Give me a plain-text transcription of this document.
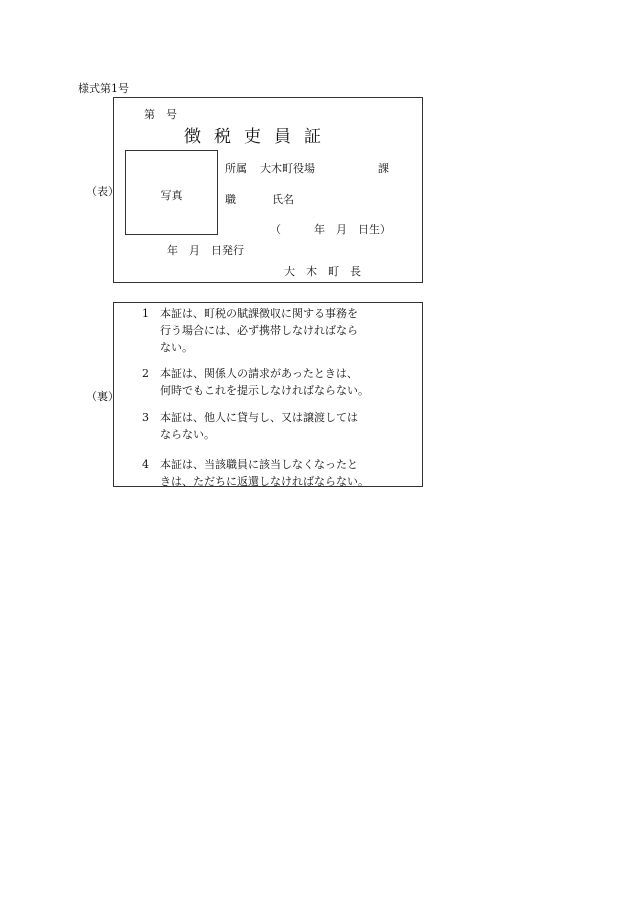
様式第1号
（表）
第　号
徴税吏員証
写真
所属 大木町役場	課
職	氏名
（　　　年　月　日生）
年　月　日発行
大　木　町　長
（裏）
1 本証は、町税の賦課徴収に関する事務を
行う場合には、必ず携帯しなければなら
ない。
2 本証は、関係人の請求があったときは、
何時でもこれを提示しなければならない。
3 本証は、他人に貸与し、又は譲渡しては
ならない。
4 本証は、当該職員に該当しなくなったと
きは、ただちに返還しなければならない。
